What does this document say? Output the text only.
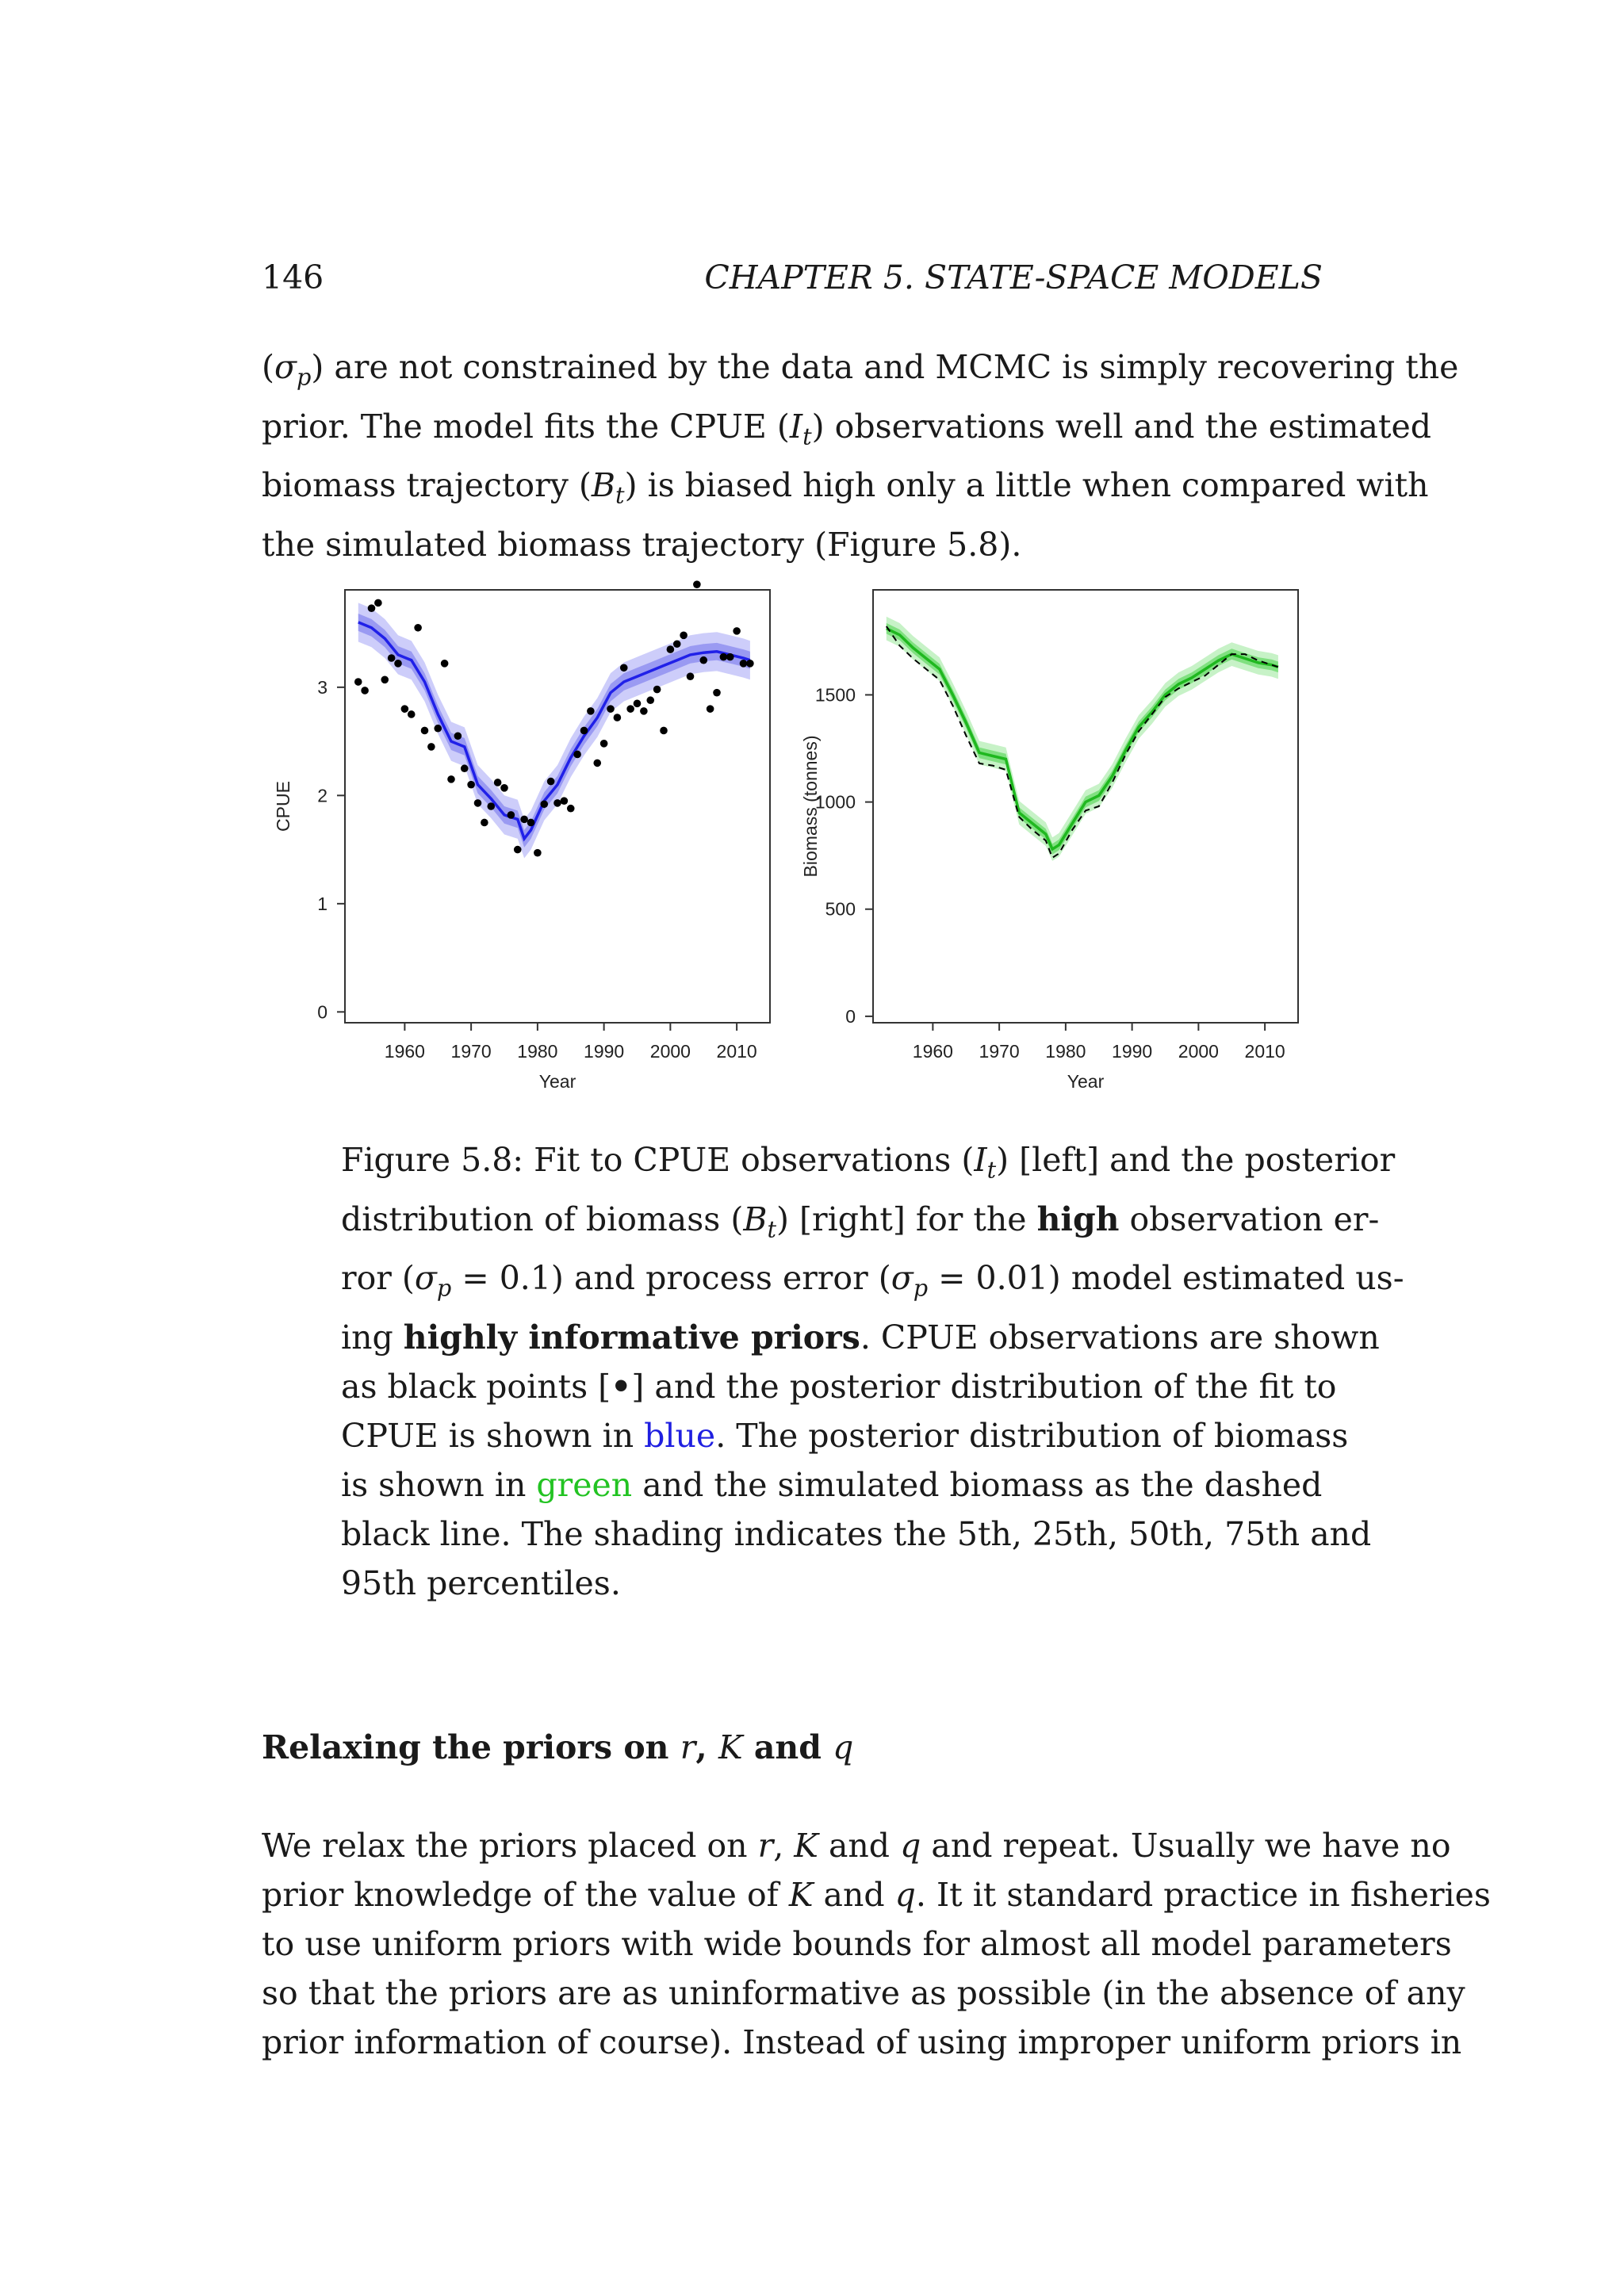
146	CHAPTER 5. STATE-SPACE MODELS

$(\sigma_p)$ are not constrained by the data and MCMC is simply recovering the
prior. The model fits the CPUE $(I_t)$ observations well and the estimated
biomass trajectory $(B_t)$ is biased high only a little when compared with
the simulated biomass trajectory (Figure 5.8).

1960 1970 1980 1990 2000 2010
0
1
2
3
Year
CPUE
1960 1970 1980 1990 2000 2010
0
500
1000
1500
Year
Biomass (tonnes)

Figure 5.8: Fit to CPUE observations $(I_t)$ [left] and the posterior
distribution of biomass $(B_t)$ [right] for the high observation er-
ror $(\sigma_p = 0.1)$ and process error $(\sigma_p = 0.01)$ model estimated us-
ing highly informative priors. CPUE observations are shown
as black points [•] and the posterior distribution of the fit to
CPUE is shown in blue. The posterior distribution of biomass
is shown in green and the simulated biomass as the dashed
black line. The shading indicates the 5th, 25th, 50th, 75th and
95th percentiles.

Relaxing the priors on r, K and q

We relax the priors placed on r, K and q and repeat. Usually we have no
prior knowledge of the value of K and q. It it standard practice in fisheries
to use uniform priors with wide bounds for almost all model parameters
so that the priors are as uninformative as possible (in the absence of any
prior information of course). Instead of using improper uniform priors in
